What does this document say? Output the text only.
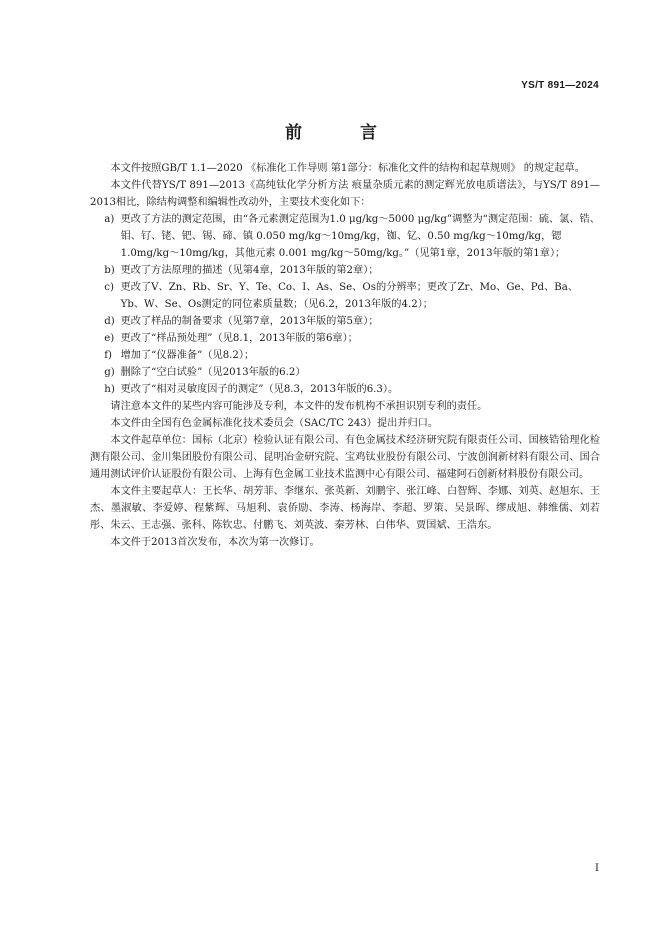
YS/T 891—2024
前 言

本文件按照GB/T 1.1—2020 《标准化工作导则 第1部分：标准化文件的结构和起草规则》 的规定起草。

本文件代替YS/T 891—2013《高纯钛化学分析方法 痕量杂质元素的测定辉光放电质谱法》，与YS/T 891—2013相比，除结构调整和编辑性改动外，主要技术变化如下：

a) 更改了方法的测定范围，由“各元素测定范围为1.0 μg/kg～5000 μg/kg”调整为“测定范围：硫、氯、锆、钼、钌、铑、钯、锡、碲、镇 0.050 mg/kg～10mg/kg，铷、钇、0.50 mg/kg～10mg/kg，锶 1.0mg/kg～10mg/kg，其他元素 0.001 mg/kg～50mg/kg。”（见第1章，2013年版的第1章）；
b) 更改了方法原理的描述（见第4章，2013年版的第2章）；
c) 更改了V、Zn、Rb、Sr、Y、Te、Co、I、As、Se、Os的分辨率；更改了Zr、Mo、Ge、Pd、Ba、Yb、W、Se、Os测定的同位素质量数；（见6.2，2013年版的4.2）；
d) 更改了样品的制备要求（见第7章，2013年版的第5章）；
e) 更改了“样品预处理”（见8.1，2013年版的第6章）；
f) 增加了“仪器准备”（见8.2）；
g) 删除了“空白试验”（见2013年版的6.2）
h) 更改了“相对灵敏度因子的测定”（见8.3，2013年版的6.3）。

请注意本文件的某些内容可能涉及专利，本文件的发布机构不承担识别专利的责任。

本文件由全国有色金属标准化技术委员会（SAC/TC 243）提出并归口。

本文件起草单位：国标（北京）检验认证有限公司、有色金属技术经济研究院有限责任公司、国核锆铪理化检测有限公司、金川集团股份有限公司、昆明冶金研究院、宝鸡钛业股份有限公司、宁波创润新材料有限公司、国合通用测试评价认证股份有限公司、上海有色金属工业技术监测中心有限公司、福建阿石创新材料股份有限公司。

本文件主要起草人：王长华、胡芳菲、李继东、张英新、刘鹏宇、张江峰、白智辉、李娜、刘英、赵旭东、王杰、墨淑敏、李爱婷、程紫辉、马旭利、袁侨励、李涛、杨海岸、李超、罗策、吴景晖、缪成旭、韩维儒、刘若彤、朱云、王志强、张科、陈钦忠、付鹏飞、刘英波、秦芳林、白伟华、贾国斌、王浩东。

本文件于2013首次发布，本次为第一次修订。

I
